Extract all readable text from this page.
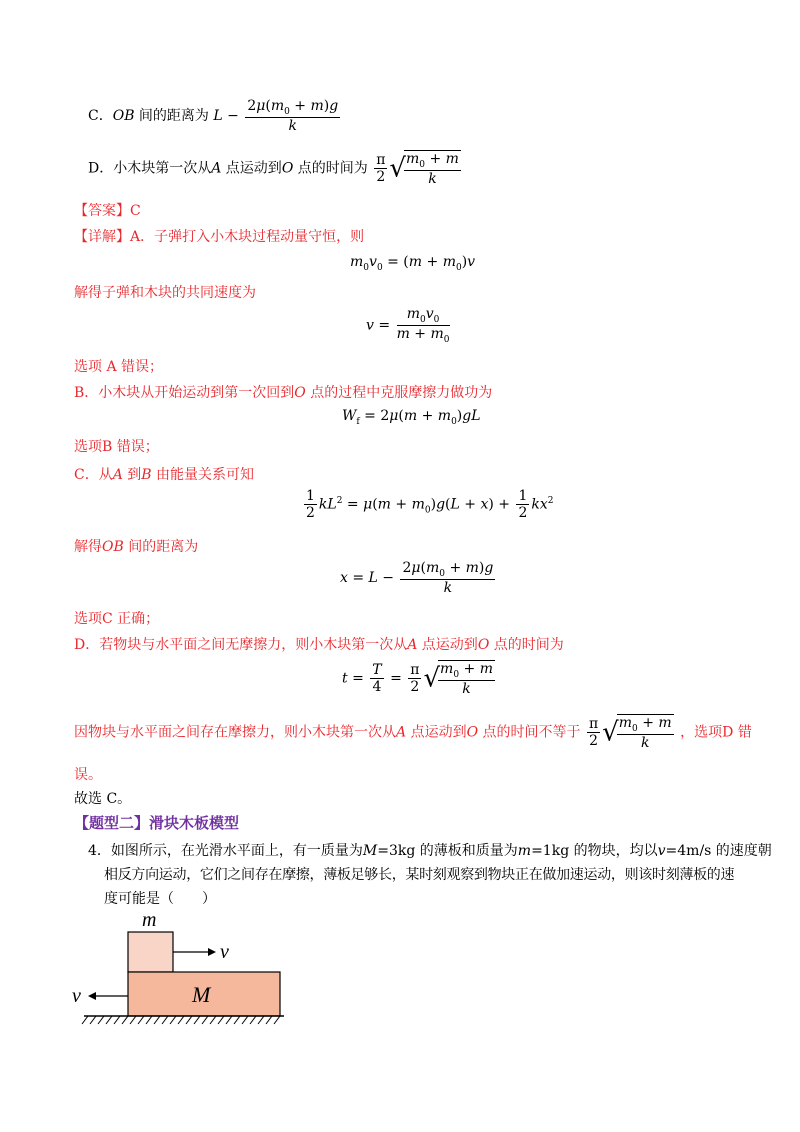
C．OB 间的距离为 $L - \frac{2\mu(m_0 + m)g}{k}$
D．小木块第一次从A 点运动到O 点的时间为 $\frac{\pi}{2}$ √
$\frac{m_0 + m}{k}$
【答案】C
【详解】A．子弹打入小木块过程动量守恒，则
$m_0v_0 = (m + m_0)v$
解得子弹和木块的共同速度为
$v = \frac{m_0v_0}{m + m_0}$
选项 A 错误；
B．小木块从开始运动到第一次回到O 点的过程中克服摩擦力做功为
$W_f = 2\mu(m + m_0)gL$
选项B 错误；
C．从A 到B 由能量关系可知
$\frac{1}{2} kL^2 = \mu(m + m_0)g(L + x) + \frac{1}{2} kx^2$
解得OB 间的距离为
$x = L - \frac{2\mu(m_0 + m)g}{k}$
选项C 正确；
D．若物块与水平面之间无摩擦力，则小木块第一次从A 点运动到O 点的时间为
$t = \frac{T}{4} = \frac{\pi}{2}$ √
$\frac{m_0 + m}{k}$
因物块与水平面之间存在摩擦力，则小木块第一次从A 点运动到O 点的时间不等于 $\frac{\pi}{2}$ √
$\frac{m_0 + m}{k}$ ，选项D 错
误。
故选 C。
【题型二】滑块木板模型
4．如图所示，在光滑水平面上，有一质量为M=3kg 的薄板和质量为m=1kg 的物块，均以v=4m/s 的速度朝
相反方向运动，它们之间存在摩擦，薄板足够长，某时刻观察到物块正在做加速运动，则该时刻薄板的速
度可能是（　　）
m
v
M
v
